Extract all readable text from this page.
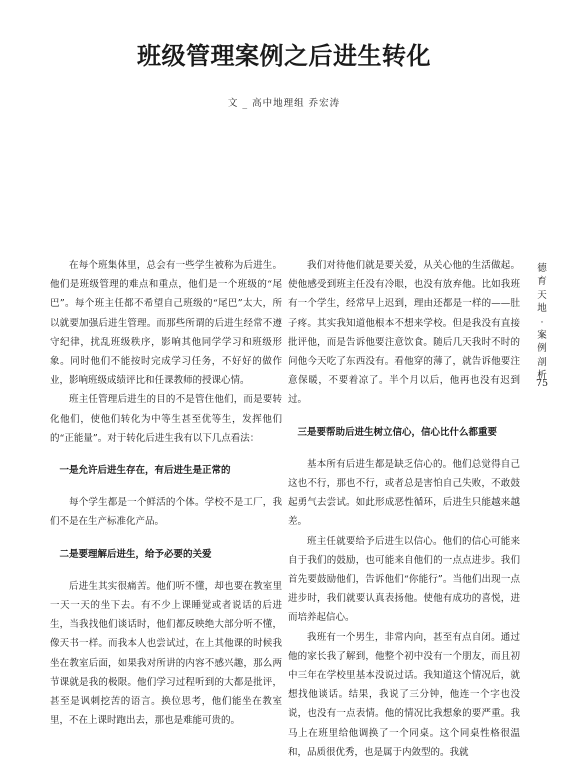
班级管理案例之后进生转化
文 _ 高中地理组 乔宏涛

在每个班集体里，总会有一些学生被称为后进生。他们是班级管理的难点和重点，他们是一个班级的“尾巴”。每个班主任都不希望自己班级的“尾巴”太大，所以就要加强后进生管理。而那些所谓的后进生经常不遵守纪律，扰乱班级秩序，影响其他同学学习和班级形象。同时他们不能按时完成学习任务，不好好的做作业，影响班级成绩评比和任课教师的授课心情。

班主任管理后进生的目的不是管住他们，而是要转化他们，使他们转化为中等生甚至优等生，发挥他们的“正能量”。对于转化后进生我有以下几点看法：

一是允许后进生存在，有后进生是正常的

每个学生都是一个鲜活的个体。学校不是工厂，我们不是在生产标准化产品。

二是要理解后进生，给予必要的关爱

后进生其实很痛苦。他们听不懂，却也要在教室里一天一天的坐下去。有不少上课睡觉或者说话的后进生，当我找他们谈话时，他们都反映绝大部分听不懂，像天书一样。而我本人也尝试过，在上其他课的时候我坐在教室后面，如果我对所讲的内容不感兴趣，那么两节课就是我的极限。他们学习过程听到的大都是批评，甚至是讽刺挖苦的语言。换位思考，他们能坐在教室里，不在上课时跑出去，那也是难能可贵的。

我们对待他们就是要关爱，从关心他的生活做起。使他感受到班主任没有冷眼，也没有放弃他。比如我班有一个学生，经常早上迟到，理由还都是一样的——肚子疼。其实我知道他根本不想来学校。但是我没有直接批评他，而是告诉他要注意饮食。随后几天我时不时的问他今天吃了东西没有。看他穿的薄了，就告诉他要注意保暖，不要着凉了。半个月以后，他再也没有迟到过。

三是要帮助后进生树立信心，信心比什么都重要

基本所有后进生都是缺乏信心的。他们总觉得自己这也不行，那也不行，或者总是害怕自己失败，不敢鼓起勇气去尝试。如此形成恶性循环，后进生只能越来越差。

班主任就要给予后进生以信心。他们的信心可能来自于我们的鼓励，也可能来自他们的一点点进步。我们首先要鼓励他们，告诉他们“你能行”。当他们出现一点进步时，我们就要认真表扬他。使他有成功的喜悦，进而培养起信心。

我班有一个男生，非常内向，甚至有点自闭。通过他的家长我了解到，他整个初中没有一个朋友，而且初中三年在学校里基本没说过话。我知道这个情况后，就想找他谈话。结果，我说了三分钟，他连一个字也没说，也没有一点表情。他的情况比我想象的要严重。我马上在班里给他调换了一个同桌。这个同桌性格很温和，品质很优秀，也是属于内敛型的。我就

德
育
天
地
·
案
例
剖
析
75
